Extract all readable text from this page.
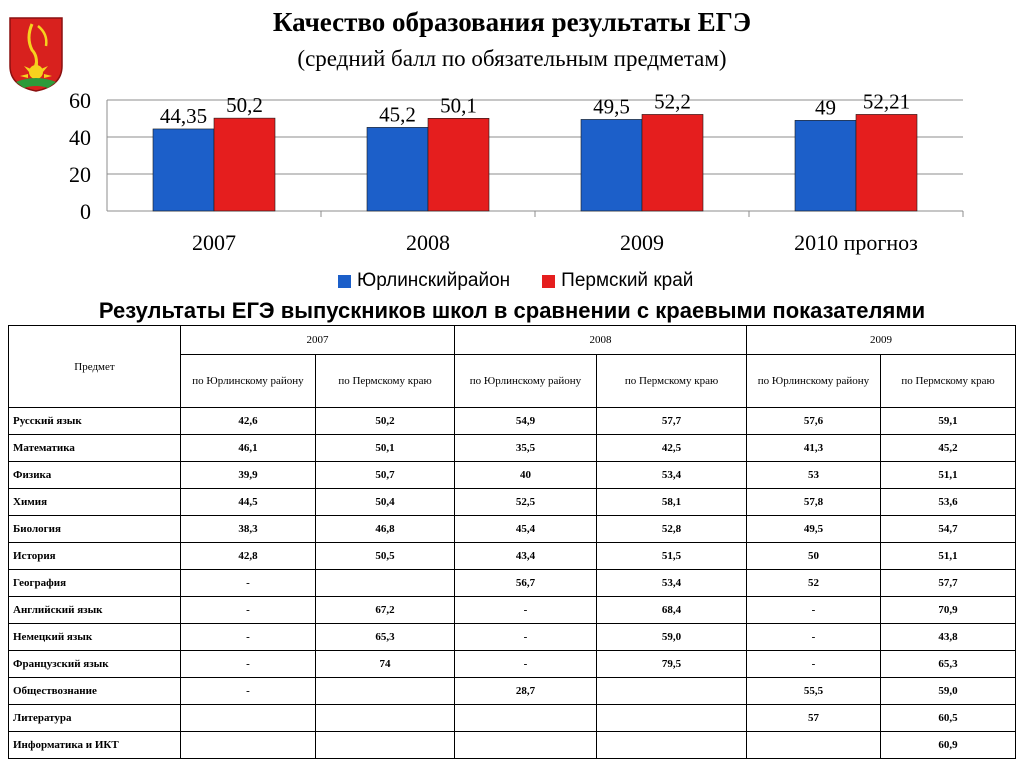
Качество образования результаты ЕГЭ
(средний балл по обязательным предметам)
0
20
40
60
44,35 50,2	45,2 50,1	49,5 52,2	49 52,21
2007	2008	2009	2010 прогноз
Юрлинскийрайон	Пермский край
Результаты ЕГЭ выпускников школ в сравнении с краевыми показателями
Предмет	2007		2008		2009	
	по Юрлинскому району	по Пермскому краю	по Юрлинскому району	по Пермскому краю	по Юрлинскому району	по Пермскому краю
Русский язык	42,6	50,2	54,9	57,7	57,6	59,1
Математика	46,1	50,1	35,5	42,5	41,3	45,2
Физика	39,9	50,7	40	53,4	53	51,1
Химия	44,5	50,4	52,5	58,1	57,8	53,6
Биология	38,3	46,8	45,4	52,8	49,5	54,7
История	42,8	50,5	43,4	51,5	50	51,1
География	-		56,7	53,4	52	57,7
Английский язык	-	67,2	-	68,4	-	70,9
Немецкий язык	-	65,3	-	59,0	-	43,8
Французский язык	-	74	-	79,5	-	65,3
Обществознание	-		28,7		55,5	59,0
Литература					57	60,5
Информатика и ИКТ						60,9
